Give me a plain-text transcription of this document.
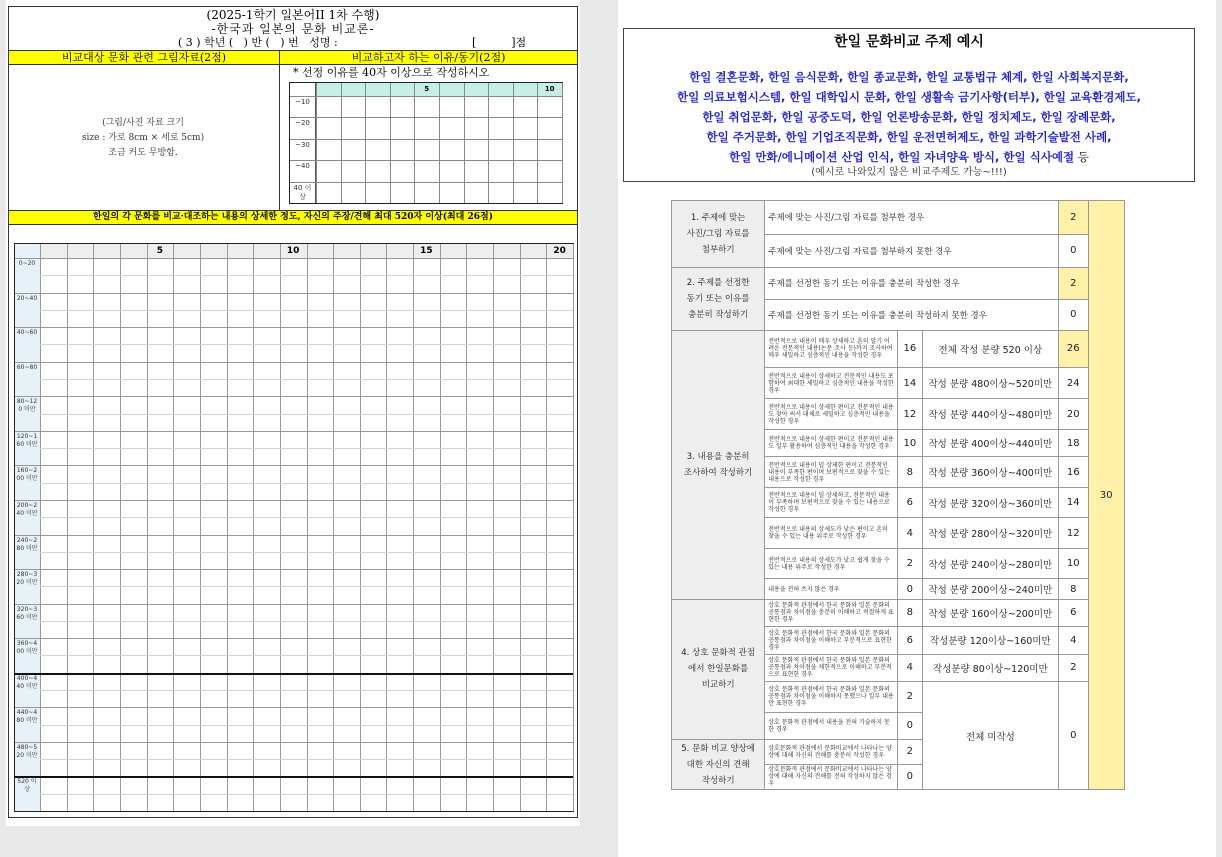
(2025-1학기 일본어II 1차 수행)
-한국과 일본의 문화 비교론-
( 3 ) 학년 (   ) 반 (   ) 번   성명 :	[          ]점
비교대상 문화 관련 그림자료(2점)	비교하고자 하는 이유/동기(2점)
(그림/사진 자료 크기
size : 가로 8cm × 세로 5cm)
조금 커도 무방함.
* 선정 이유를 40자 이상으로 작성하시오
5	10
~10
~20
~30
~40
40 이상
한일의 각 문화를 비교·대조하는 내용의 상세한 정도, 자신의 주장/견해 최대 520자 이상(최대 26점)
5	10	15	20
0~20
20~40
40~60
60~80
80~120 미만
120~160 미만
160~200 미만
200~240 미만
240~280 미만
280~320 미만
320~360 미만
360~400 미만
400~440 미만
440~480 미만
480~520 미만
520 이상
한일 문화비교 주제 예시
한일 결혼문화, 한일 음식문화, 한일 종교문화, 한일 교통법규 체계, 한일 사회복지문화,
한일 의료보험시스템, 한일 대학입시 문화, 한일 생활속 금기사항(터부), 한일 교육환경제도,
한일 취업문화, 한일 공중도덕, 한일 언론방송문화, 한일 정치제도, 한일 장례문화,
한일 주거문화, 한일 기업조직문화, 한일 운전면허제도, 한일 과학기술발전 사례,
한일 만화/에니메이션 산업 인식, 한일 자녀양육 방식, 한일 식사예절 등
(예시로 나와있지 않은 비교주제도 가능~!!!)
1. 주제에 맞는
사진/그림 자료를
첨부하기	주제에 맞는 사진/그림 자료를 첨부한 경우			2	30
	주제에 맞는 사진/그림 자료를 첨부하지 못한 경우			0	

2. 주제를 선정한
동기 또는 이유를
충분히 작성하기	주제를 선정한 동기 또는 이유를 충분히 작성한 경우			2	
	주제를 선정한 동기 또는 이유를 충분히 작성하지 못한 경우			0	

3. 내용을 충분히
조사하여 작성하기	전반적으로 내용이 매우 상세하고 흔히 알기 어려운 전문적인 내용(논문 조사 등)까지 조사하여 매우 세밀하고 심층적인 내용을 작성한 경우	16	전체 작성 분량 520 이상	26	
	전반적으로 내용이 상세하고 전문적인 내용도 포함하여 최대한 세밀하고 심층적인 내용을 작성한 경우	14	작성 분량 480이상~520미만	24	
	전반적으로 내용이 상세한 편이고 전문적인 내용도 찾아 써서 대체로 세밀하고 심층적인 내용을 작성한 경우	12	작성 분량 440이상~480미만	20	
	전반적으로 내용이 상세한 편이고 전문적인 내용도 일부 활용하여 심층적인 내용을 작성한 경우	10	작성 분량 400이상~440미만	18	
	전반적으로 내용이 덜 상세한 편이고 전문적인 내용이 부족한 편이며 보편적으로 찾을 수 있는 내용으로 작성한 경우	8	작성 분량 360이상~400미만	16	
	전반적으로 내용이 덜 상세하고, 전문적인 내용이 부족하며 보편적으로 찾을 수 있는 내용으로 작성한 경우	6	작성 분량 320이상~360미만	14	
	전반적으로 내용의 상세도가 낮은 편이고 흔히 찾을 수 있는 내용 위주로 작성한 경우	4	작성 분량 280이상~320미만	12	
	전반적으로 내용의 상세도가 낮고 쉽게 찾을 수 있는 내용 위주로 작성한 경우	2	작성 분량 240이상~280미만	10	
	내용을 전혀 쓰지 않은 경우	0	작성 분량 200이상~240미만	8	

4. 상호 문화적 관점
에서 한일문화를
비교하기	상호 문화적 관점에서 한국 문화와 일본 문화의 공통점과 차이점을 충분히 이해하고 적절하게 표현한 경우	8	작성 분량 160이상~200미만	6	
	상호 문화적 관점에서 한국 문화와 일본 문화의 공통점과 차이점을 이해하고 부분적으로 표현한 경우	6	작성분량 120이상~160미만	4	
	상호 문화적 관점에서 한국 문화와 일본 문화의 공통점과 차이점을 제한적으로 이해하고 부분적으로 표현한 경우	4	작성분량 80이상~120미만	2	
	상호 문화적 관점에서 한국 문화와 일본 문화의 공통점과 차이점을 이해하지 못했으나 일부 내용만 표현한 경우	2	전체 미작성	0	
	상호 문화적 관점에서 내용을 전혀 기술하지 못한 경우	0			

5. 문화 비교 양상에
대한 자신의 견해
작성하기	상호문화적 관점에서 문화비교에서 나타나는 양상에 대해 자신의 견해를 충분히 작성한 경우	2			
	상호문화적 관점에서 문화비교에서 나타나는 양상에 대해 자신의 견해를 전혀 작성하지 않은 경우	0			
